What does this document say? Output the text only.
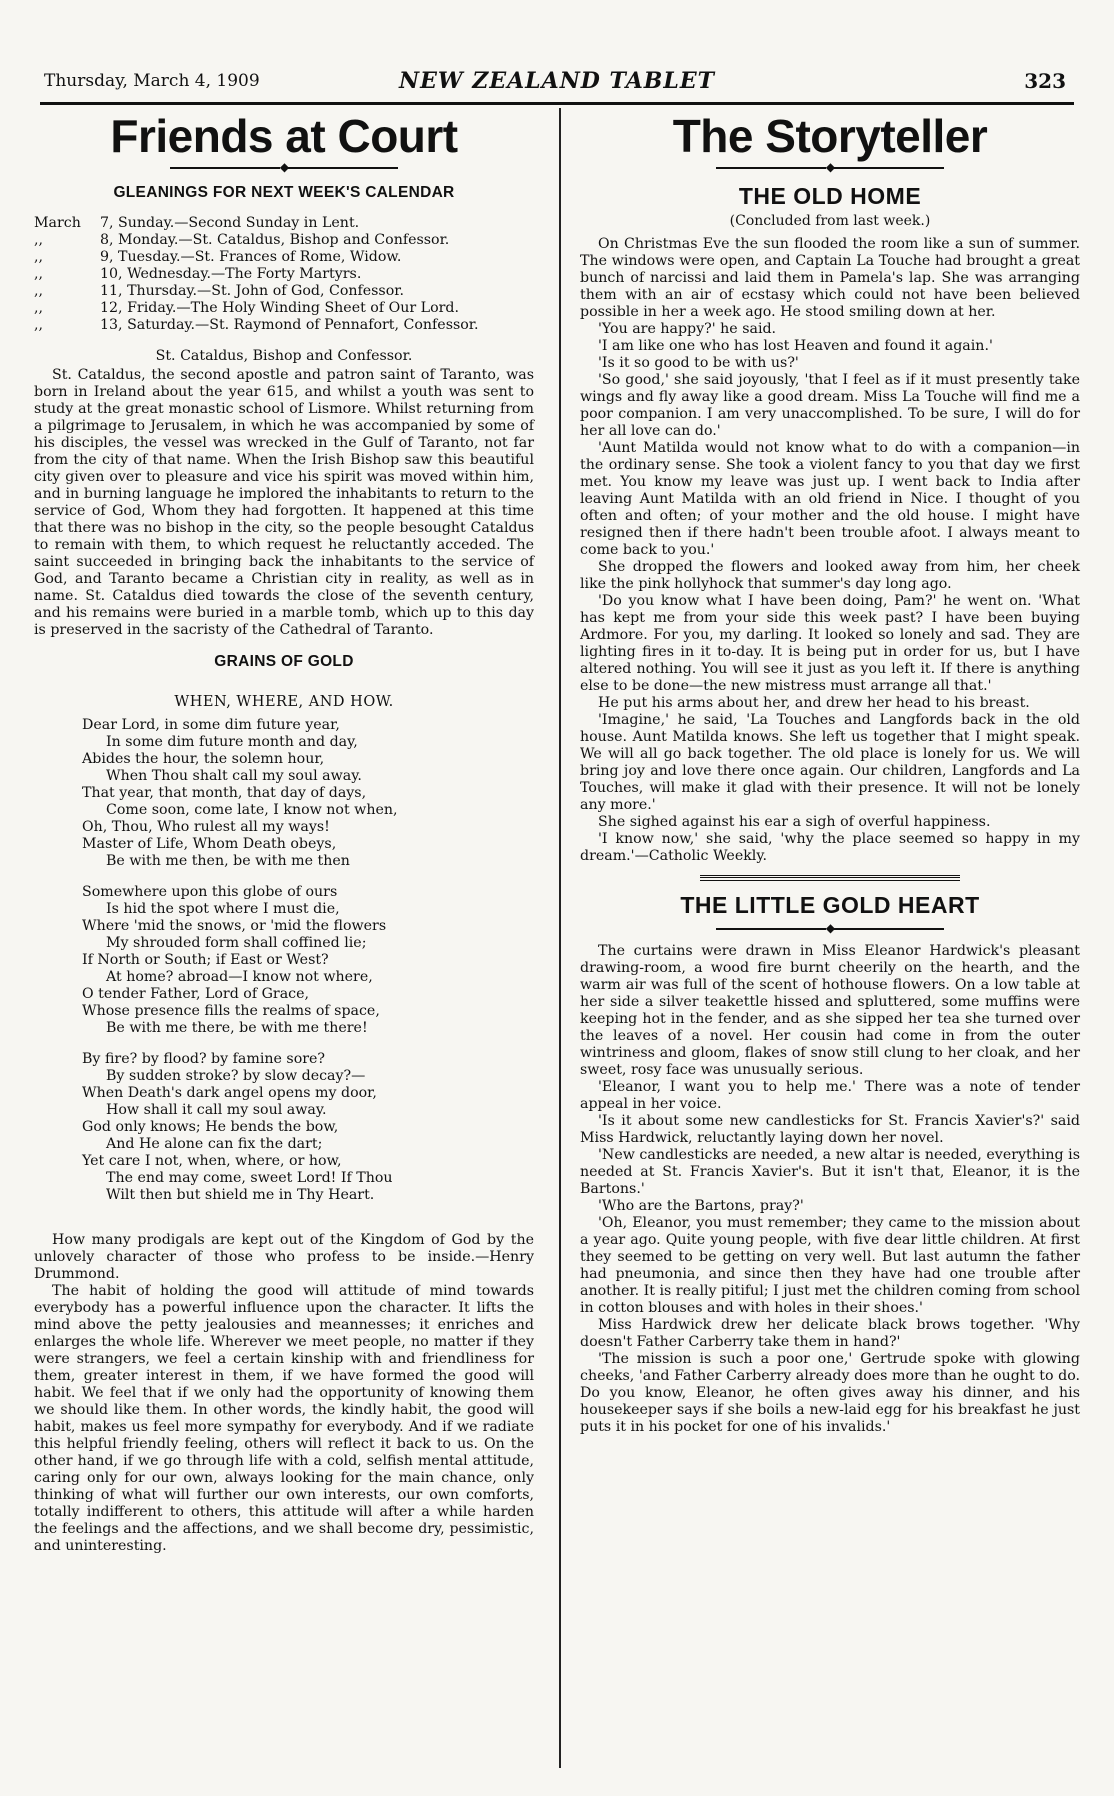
Thursday, March 4, 1909	NEW ZEALAND TABLET	323
Friends at Court
◆
GLEANINGS FOR NEXT WEEK'S CALENDAR
March	7, Sunday.—Second Sunday in Lent.
,,	8, Monday.—St. Cataldus, Bishop and Confessor.
,,	9, Tuesday.—St. Frances of Rome, Widow.
,,	10, Wednesday.—The Forty Martyrs.
,,	11, Thursday.—St. John of God, Confessor.
,,	12, Friday.—The Holy Winding Sheet of Our Lord.
,,	13, Saturday.—St. Raymond of Pennafort, Confessor.
St. Cataldus, Bishop and Confessor.

St. Cataldus, the second apostle and patron saint of Taranto, was born in Ireland about the year 615, and whilst a youth was sent to study at the great monastic school of Lismore. Whilst returning from a pilgrimage to Jerusalem, in which he was accompanied by some of his disciples, the vessel was wrecked in the Gulf of Taranto, not far from the city of that name. When the Irish Bishop saw this beautiful city given over to pleasure and vice his spirit was moved within him, and in burning language he implored the inhabitants to return to the service of God, Whom they had forgotten. It happened at this time that there was no bishop in the city, so the people besought Cataldus to remain with them, to which request he reluctantly acceded. The saint succeeded in bringing back the inhabitants to the service of God, and Taranto became a Christian city in reality, as well as in name. St. Cataldus died towards the close of the seventh century, and his remains were buried in a marble tomb, which up to this day is preserved in the sacristy of the Cathedral of Taranto.

GRAINS OF GOLD
WHEN, WHERE, AND HOW.
Dear Lord, in some dim future year,
In some dim future month and day,
Abides the hour, the solemn hour,
When Thou shalt call my soul away.
That year, that month, that day of days,
Come soon, come late, I know not when,
Oh, Thou, Who rulest all my ways!
Master of Life, Whom Death obeys,
Be with me then, be with me then
Somewhere upon this globe of ours
Is hid the spot where I must die,
Where 'mid the snows, or 'mid the flowers
My shrouded form shall coffined lie;
If North or South; if East or West?
At home? abroad—I know not where,
O tender Father, Lord of Grace,
Whose presence fills the realms of space,
Be with me there, be with me there!
By fire? by flood? by famine sore?
By sudden stroke? by slow decay?—
When Death's dark angel opens my door,
How shall it call my soul away.
God only knows; He bends the bow,
And He alone can fix the dart;
Yet care I not, when, where, or how,
The end may come, sweet Lord! If Thou
Wilt then but shield me in Thy Heart.

How many prodigals are kept out of the Kingdom of God by the unlovely character of those who profess to be inside.—Henry Drummond.

The habit of holding the good will attitude of mind towards everybody has a powerful influence upon the character. It lifts the mind above the petty jealousies and meannesses; it enriches and enlarges the whole life. Wherever we meet people, no matter if they were strangers, we feel a certain kinship with and friendliness for them, greater interest in them, if we have formed the good will habit. We feel that if we only had the opportunity of knowing them we should like them. In other words, the kindly habit, the good will habit, makes us feel more sympathy for everybody. And if we radiate this helpful friendly feeling, others will reflect it back to us. On the other hand, if we go through life with a cold, selfish mental attitude, caring only for our own, always looking for the main chance, only thinking of what will further our own interests, our own comforts, totally indifferent to others, this attitude will after a while harden the feelings and the affections, and we shall become dry, pessimistic, and uninteresting.

The Storyteller
◆
THE OLD HOME
(Concluded from last week.)

On Christmas Eve the sun flooded the room like a sun of summer. The windows were open, and Captain La Touche had brought a great bunch of narcissi and laid them in Pamela's lap. She was arranging them with an air of ecstasy which could not have been believed possible in her a week ago. He stood smiling down at her.

'You are happy?' he said.

'I am like one who has lost Heaven and found it again.'

'Is it so good to be with us?'

'So good,' she said joyously, 'that I feel as if it must presently take wings and fly away like a good dream. Miss La Touche will find me a poor companion. I am very unaccomplished. To be sure, I will do for her all love can do.'

'Aunt Matilda would not know what to do with a companion—in the ordinary sense. She took a violent fancy to you that day we first met. You know my leave was just up. I went back to India after leaving Aunt Matilda with an old friend in Nice. I thought of you often and often; of your mother and the old house. I might have resigned then if there hadn't been trouble afoot. I always meant to come back to you.'

She dropped the flowers and looked away from him, her cheek like the pink hollyhock that summer's day long ago.

'Do you know what I have been doing, Pam?' he went on. 'What has kept me from your side this week past? I have been buying Ardmore. For you, my darling. It looked so lonely and sad. They are lighting fires in it to-day. It is being put in order for us, but I have altered nothing. You will see it just as you left it. If there is anything else to be done—the new mistress must arrange all that.'

He put his arms about her, and drew her head to his breast.

'Imagine,' he said, 'La Touches and Langfords back in the old house. Aunt Matilda knows. She left us together that I might speak. We will all go back together. The old place is lonely for us. We will bring joy and love there once again. Our children, Langfords and La Touches, will make it glad with their presence. It will not be lonely any more.'

She sighed against his ear a sigh of overful happiness.

'I know now,' she said, 'why the place seemed so happy in my dream.'—Catholic Weekly.

THE LITTLE GOLD HEART
◆

The curtains were drawn in Miss Eleanor Hardwick's pleasant drawing-room, a wood fire burnt cheerily on the hearth, and the warm air was full of the scent of hothouse flowers. On a low table at her side a silver teakettle hissed and spluttered, some muffins were keeping hot in the fender, and as she sipped her tea she turned over the leaves of a novel. Her cousin had come in from the outer wintriness and gloom, flakes of snow still clung to her cloak, and her sweet, rosy face was unusually serious.

'Eleanor, I want you to help me.' There was a note of tender appeal in her voice.

'Is it about some new candlesticks for St. Francis Xavier's?' said Miss Hardwick, reluctantly laying down her novel.

'New candlesticks are needed, a new altar is needed, everything is needed at St. Francis Xavier's. But it isn't that, Eleanor, it is the Bartons.'

'Who are the Bartons, pray?'

'Oh, Eleanor, you must remember; they came to the mission about a year ago. Quite young people, with five dear little children. At first they seemed to be getting on very well. But last autumn the father had pneumonia, and since then they have had one trouble after another. It is really pitiful; I just met the children coming from school in cotton blouses and with holes in their shoes.'

Miss Hardwick drew her delicate black brows together. 'Why doesn't Father Carberry take them in hand?'

'The mission is such a poor one,' Gertrude spoke with glowing cheeks, 'and Father Carberry already does more than he ought to do. Do you know, Eleanor, he often gives away his dinner, and his housekeeper says if she boils a new-laid egg for his breakfast he just puts it in his pocket for one of his invalids.'
